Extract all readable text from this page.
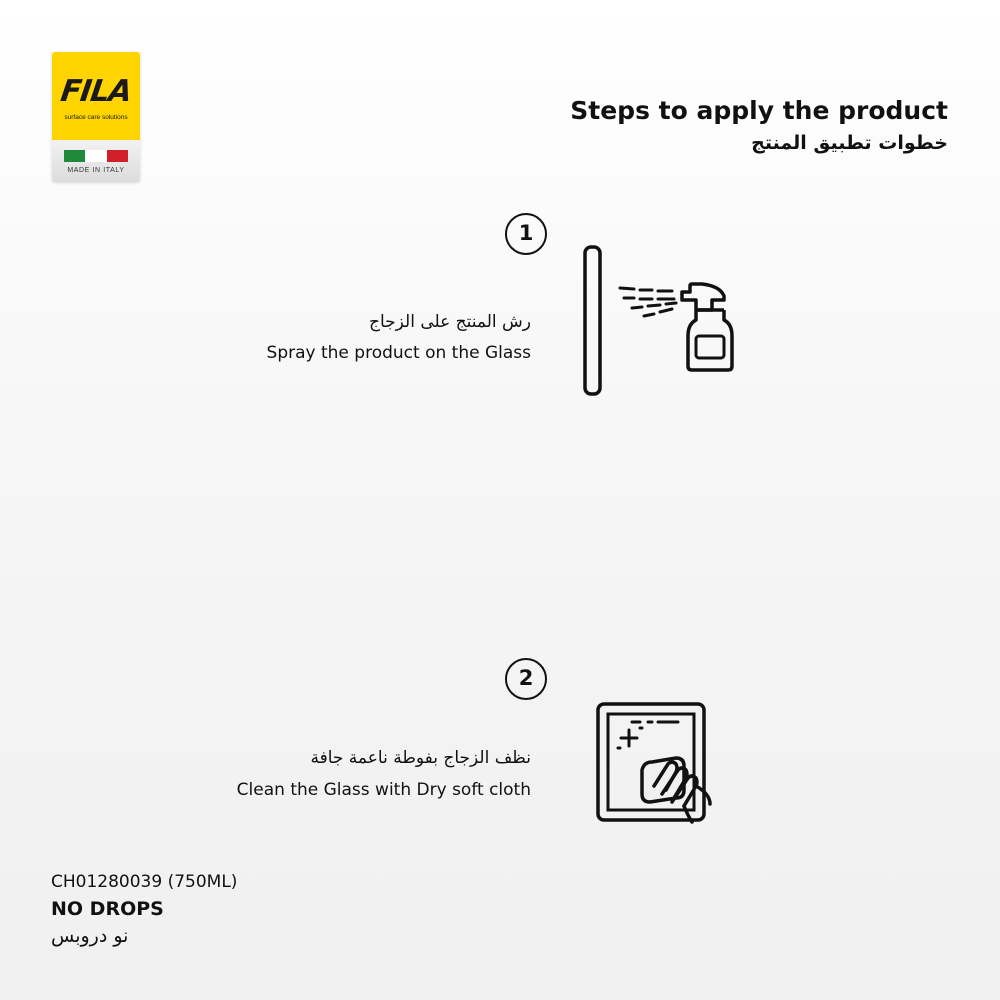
FILA
surface care solutions
MADE IN ITALY
Steps to apply the product
خطوات تطبيق المنتج
1
رش المنتج على الزجاج
Spray the product on the Glass
2
نظف الزجاج بفوطة ناعمة جافة
Clean the Glass with Dry soft cloth
CH01280039 (750ML)
NO DROPS
نو دروبس
